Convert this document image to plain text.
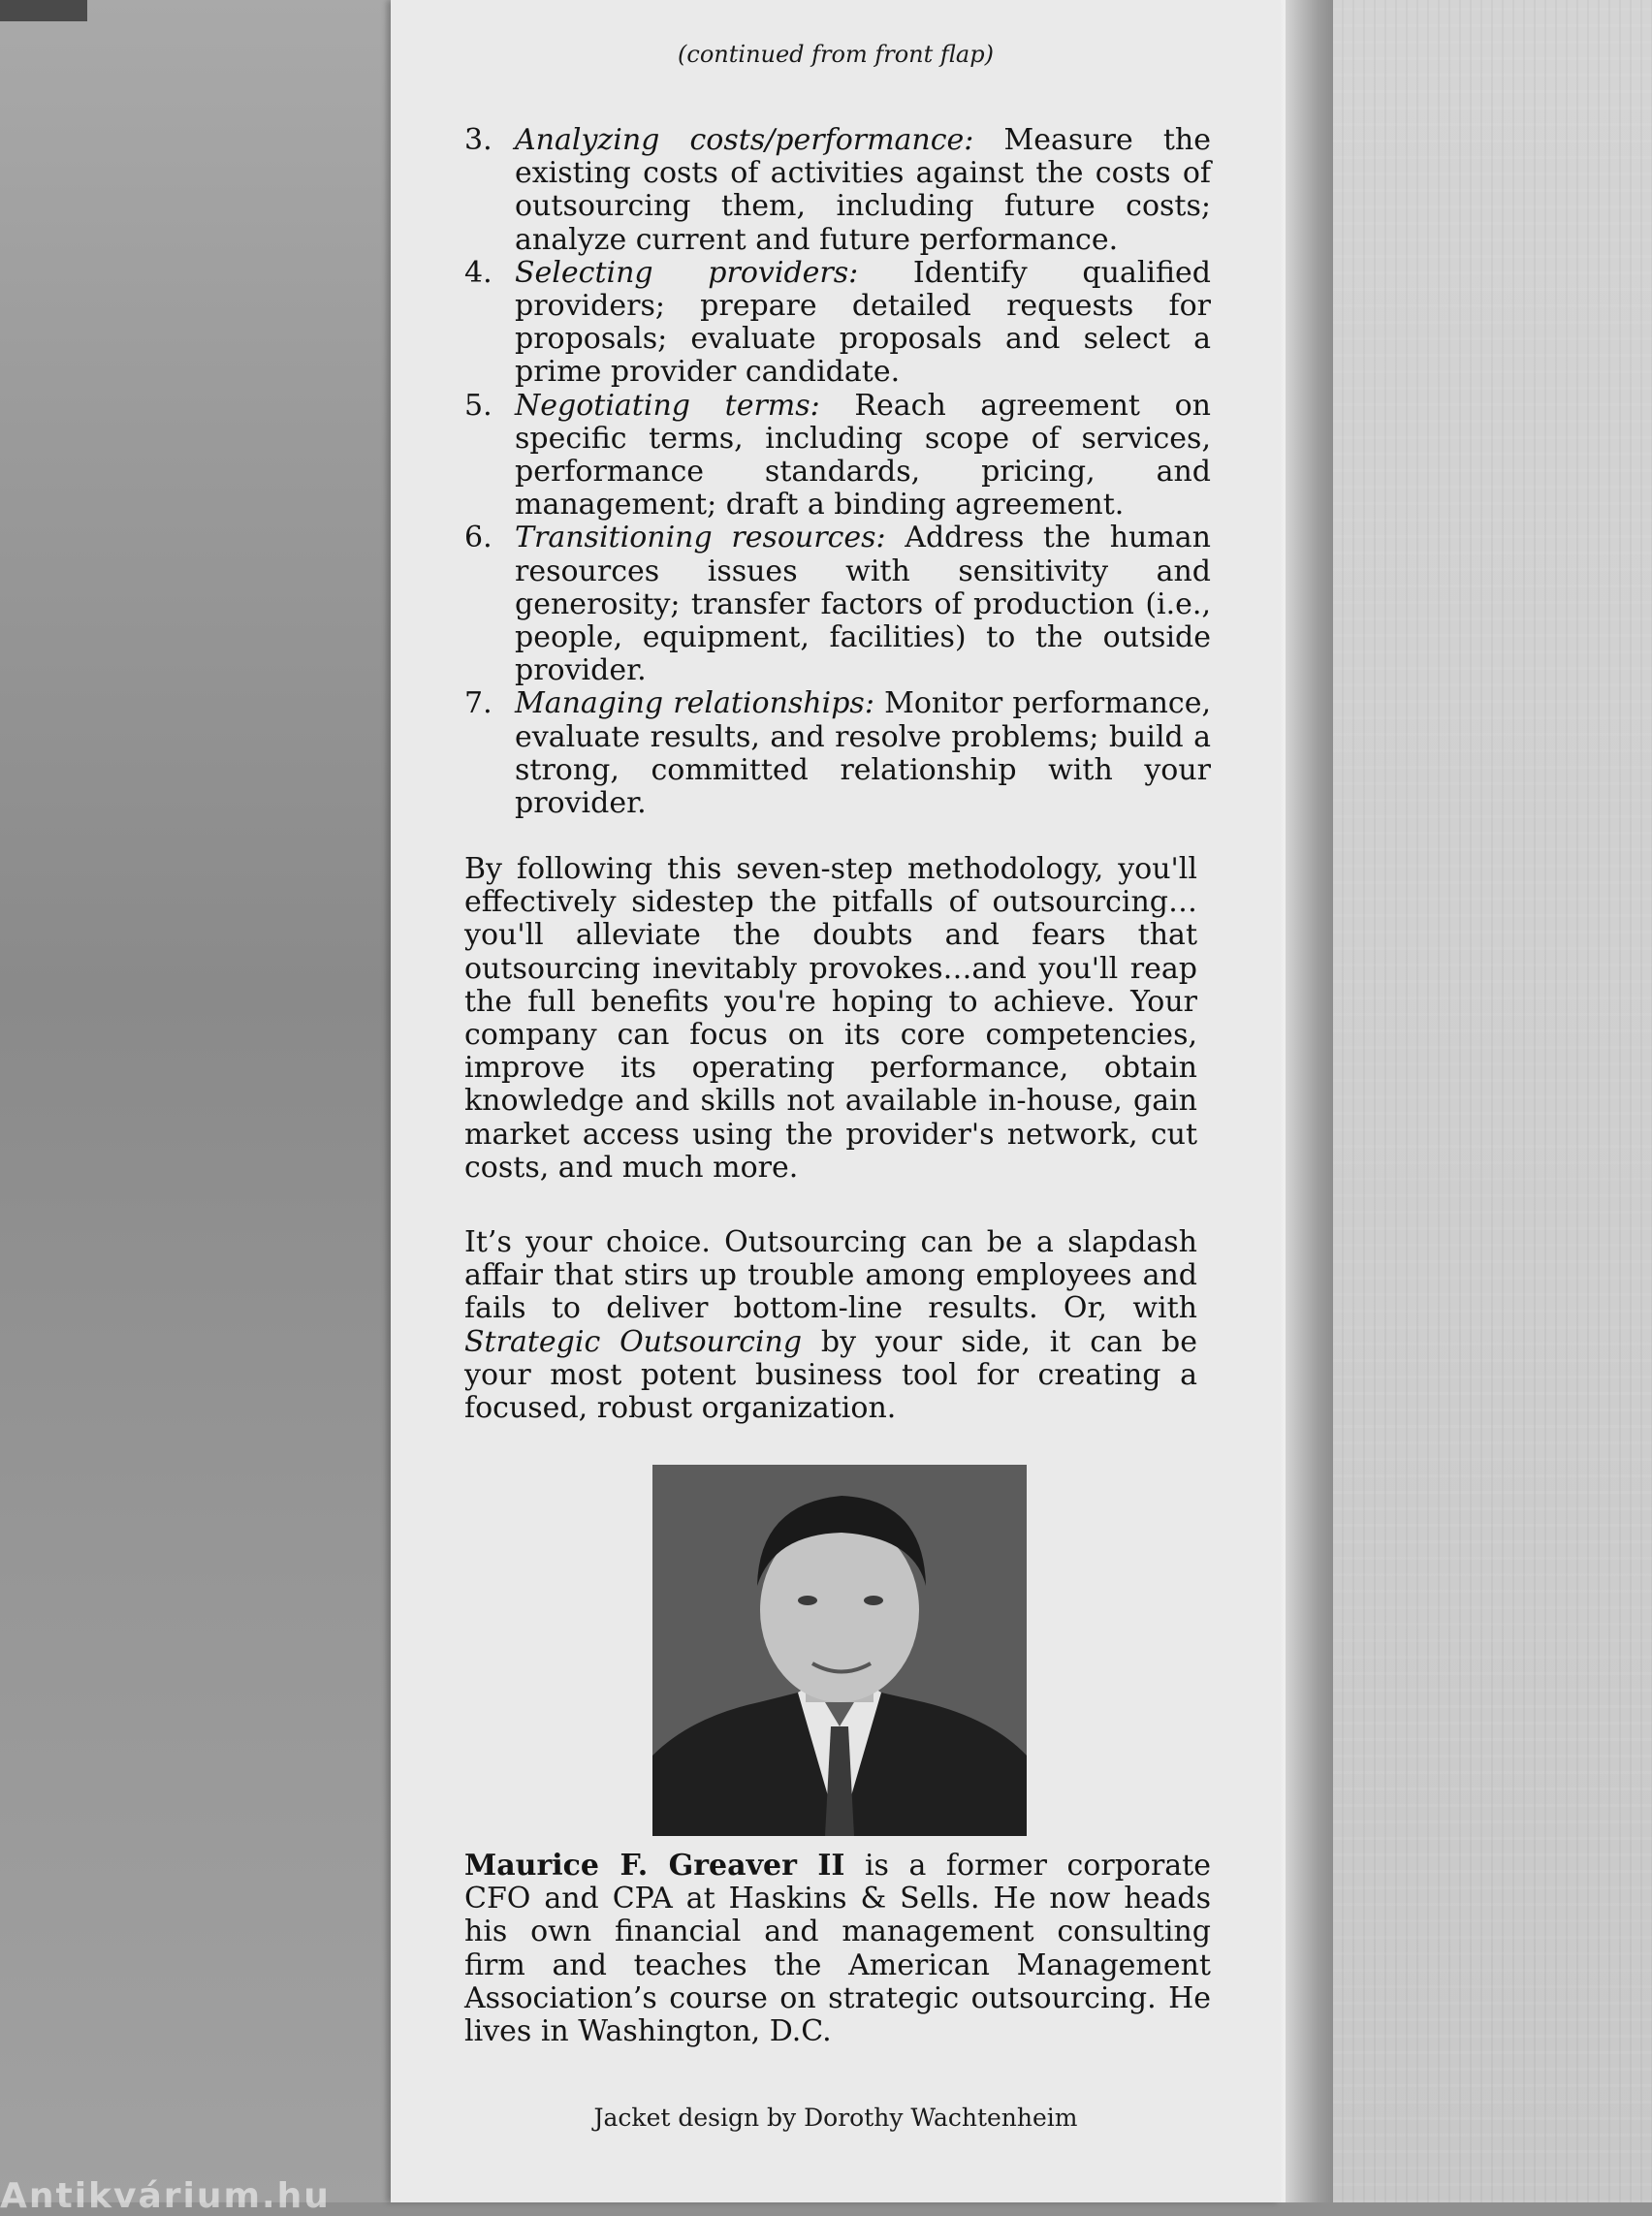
(continued from front flap)
3. Analyzing costs/performance: Measure the existing costs of activities against the costs of outsourcing them, including future costs; analyze current and future performance.
4. Selecting providers: Identify qualified providers; prepare detailed requests for proposals; evaluate proposals and select a prime provider candidate.
5. Negotiating terms: Reach agreement on specific terms, including scope of services, performance standards, pricing, and management; draft a binding agreement.
6. Transitioning resources: Address the human resources issues with sensitivity and generosity; transfer factors of production (i.e., people, equipment, facilities) to the outside provider.
7. Managing relationships: Monitor performance, evaluate results, and resolve problems; build a strong, committed relationship with your provider.

By following this seven-step methodology, you'll effectively sidestep the pitfalls of outsourcing…you'll alleviate the doubts and fears that outsourcing inevitably provokes…and you'll reap the full benefits you're hoping to achieve. Your company can focus on its core competencies, improve its operating performance, obtain knowledge and skills not available in-house, gain market access using the provider's network, cut costs, and much more.

It’s your choice. Outsourcing can be a slapdash affair that stirs up trouble among employees and fails to deliver bottom-line results. Or, with Strategic Outsourcing by your side, it can be your most potent business tool for creating a focused, robust organization.

Maurice F. Greaver II is a former corporate CFO and CPA at Haskins & Sells. He now heads his own financial and management consulting firm and teaches the American Management Association’s course on strategic outsourcing. He lives in Washington, D.C.

Jacket design by Dorothy Wachtenheim
Antikvárium.hu
